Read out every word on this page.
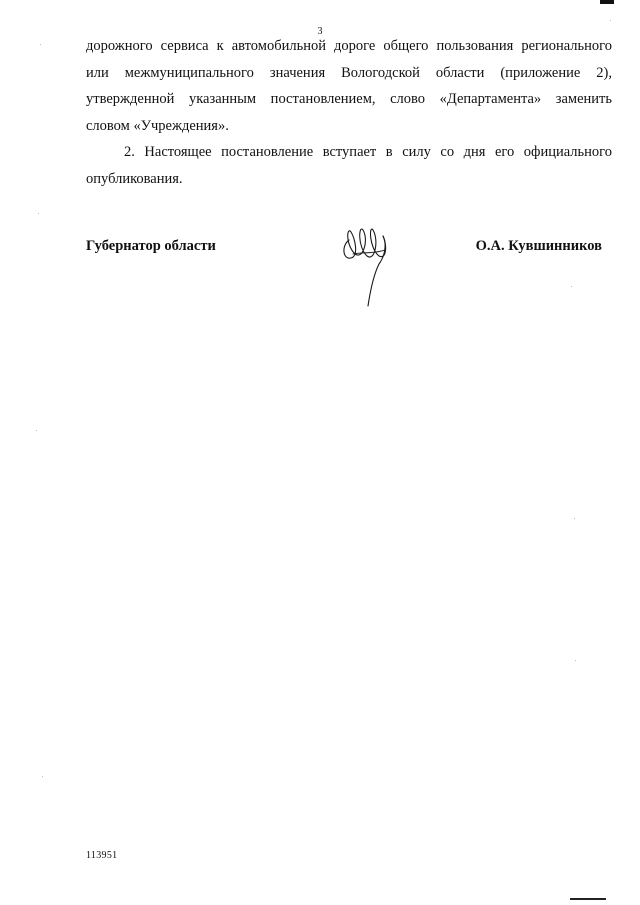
3

дорожного сервиса к автомобильной дороге общего пользования регионального
или межмуниципального значения Вологодской области (приложение 2),
утвержденной указанным постановлением, слово «Департамента» заменить
словом «Учреждения».

2. Настоящее постановление вступает в силу со дня его официального
опубликования.

Губернатор области	О.А. Кувшинников
113951
